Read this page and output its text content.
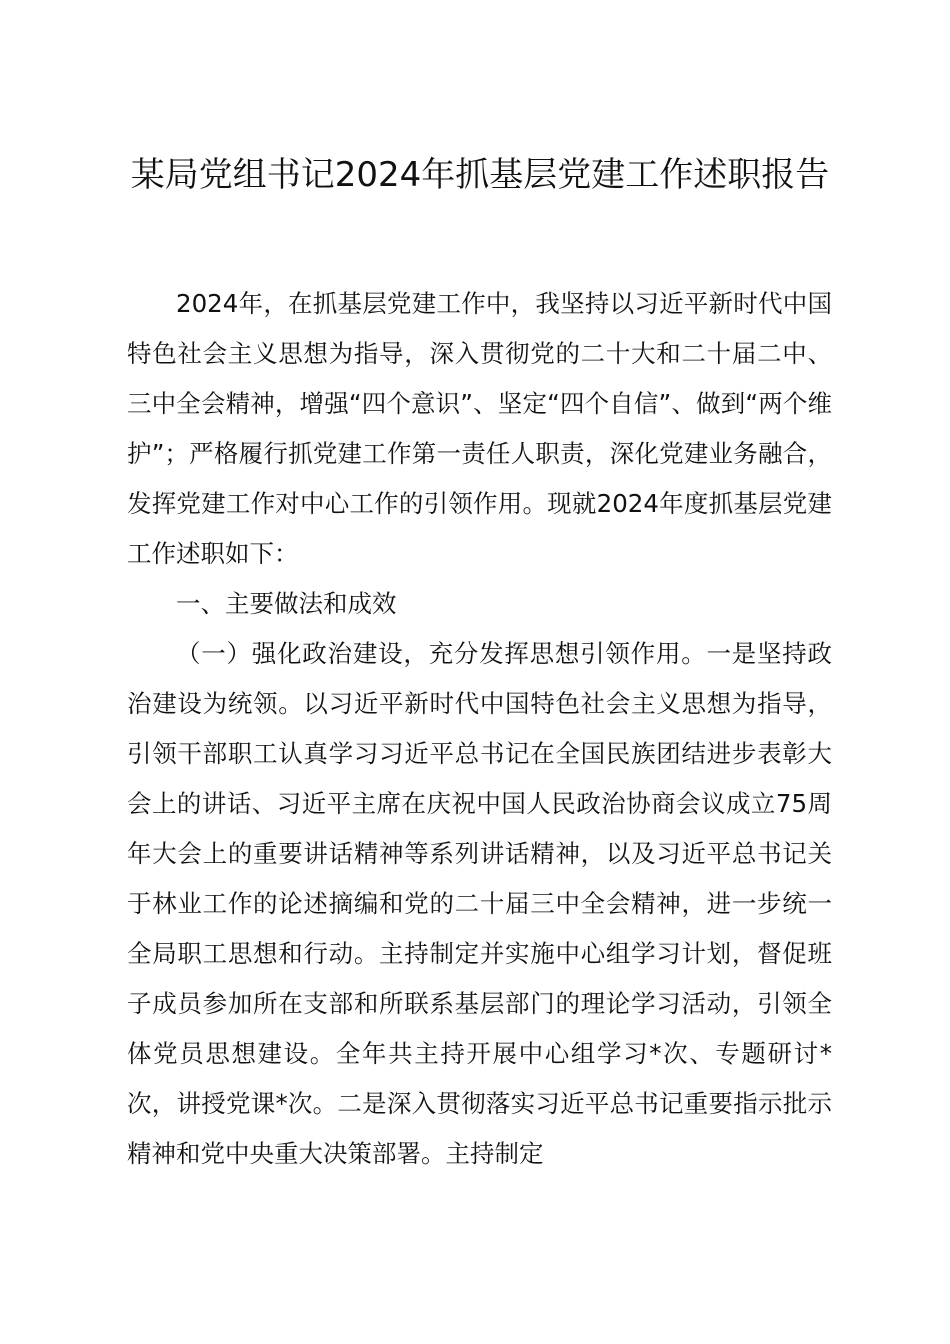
某局党组书记2024年抓基层党建工作述职报告

2024年，在抓基层党建工作中，我坚持以习近平新时代中国特色社会主义思想为指导，深入贯彻党的二十大和二十届二中、三中全会精神，增强“四个意识”、坚定“四个自信”、做到“两个维护”；严格履行抓党建工作第一责任人职责，深化党建业务融合，发挥党建工作对中心工作的引领作用。现就2024年度抓基层党建工作述职如下：

一、主要做法和成效

（一）强化政治建设，充分发挥思想引领作用。一是坚持政治建设为统领。以习近平新时代中国特色社会主义思想为指导，引领干部职工认真学习习近平总书记在全国民族团结进步表彰大会上的讲话、习近平主席在庆祝中国人民政治协商会议成立75周年大会上的重要讲话精神等系列讲话精神，以及习近平总书记关于林业工作的论述摘编和党的二十届三中全会精神，进一步统一全局职工思想和行动。主持制定并实施中心组学习计划，督促班子成员参加所在支部和所联系基层部门的理论学习活动，引领全体党员思想建设。全年共主持开展中心组学习*次、专题研讨*次，讲授党课*次。二是深入贯彻落实习近平总书记重要指示批示精神和党中央重大决策部署。主持制定
